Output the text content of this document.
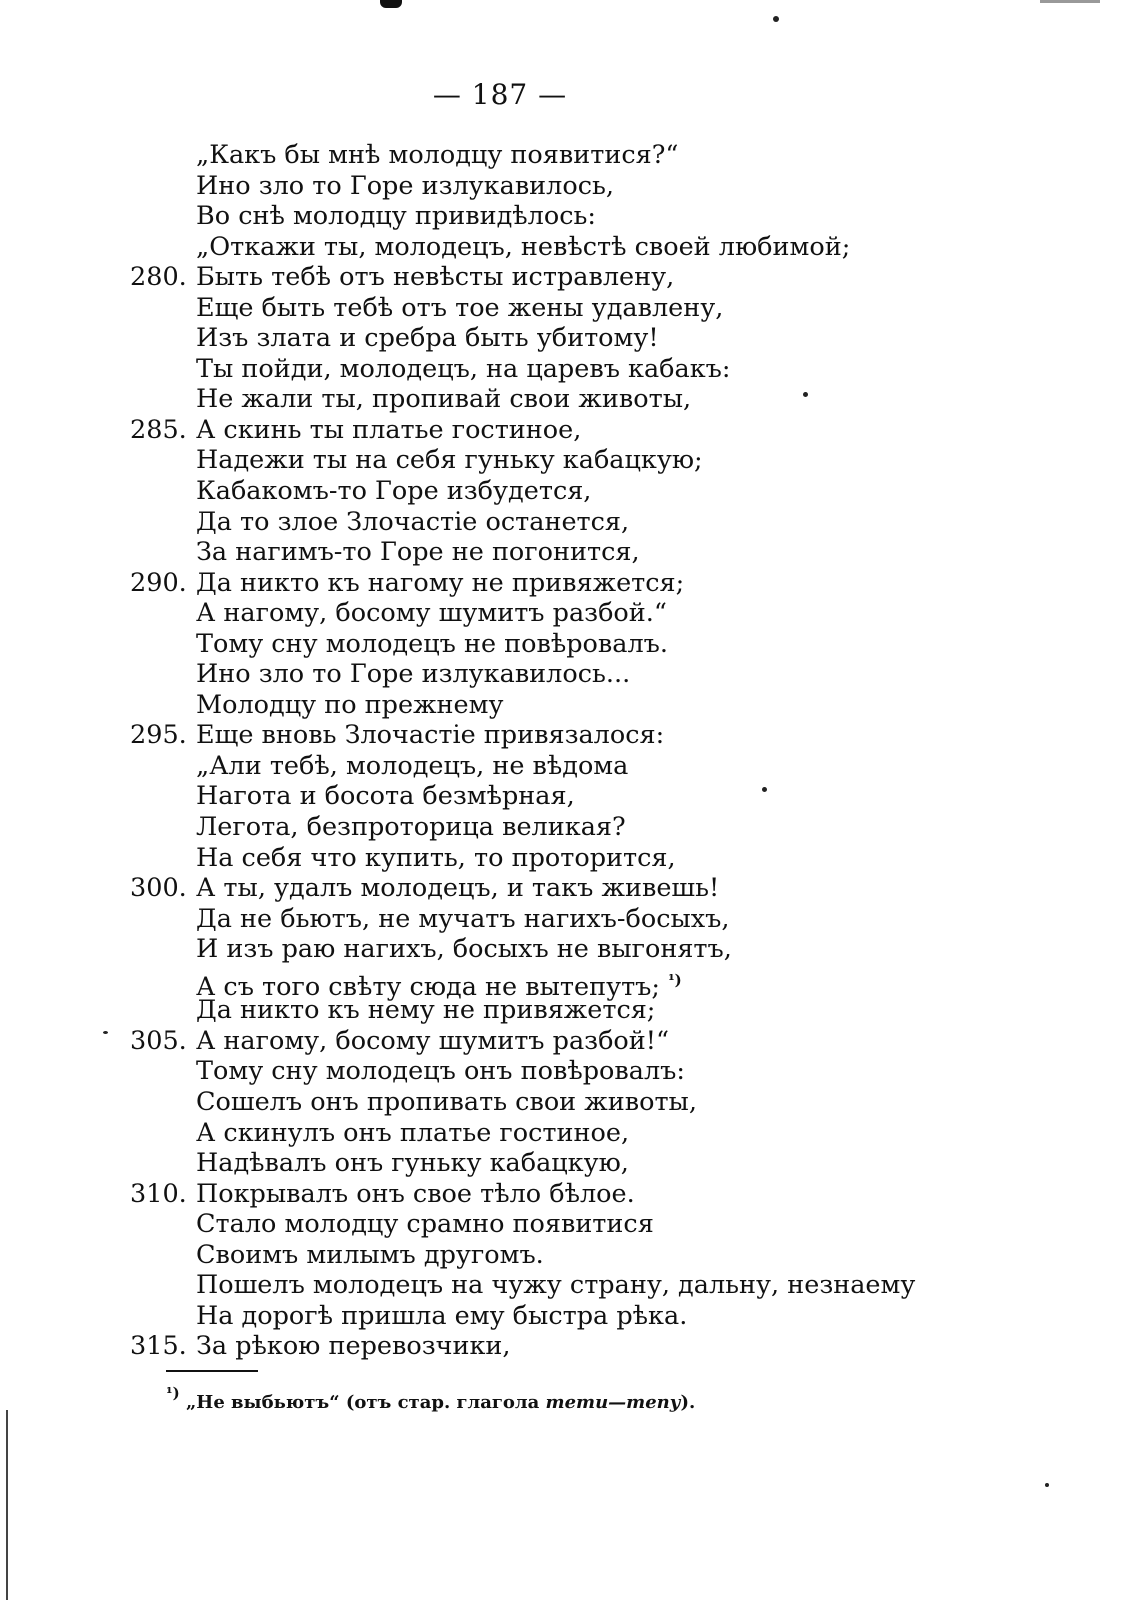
— 187 —
„Какъ бы мнѣ молодцу появитися?“
Ино зло то Горе излукавилось,
Во снѣ молодцу привидѣлось:
„Откажи ты, молодецъ, невѣстѣ своей любимой;
280. Быть тебѣ отъ невѣсты истравлену,
Еще быть тебѣ отъ тое жены удавлену,
Изъ злата и сребра быть убитому!
Ты пойди, молодецъ, на царевъ кабакъ:
Не жали ты, пропивай свои животы,
285. А скинь ты платье гостиное,
Надежи ты на себя гуньку кабацкую;
Кабакомъ-то Горе избудется,
Да то злое Злочастіе останется,
За нагимъ-то Горе не погонится,
290. Да никто къ нагому не привяжется;
А нагому, босому шумитъ разбой.“
Тому сну молодецъ не повѣровалъ.
Ино зло то Горе излукавилось...
Молодцу по прежнему
295. Еще вновь Злочастіе привязалося:
„Али тебѣ, молодецъ, не вѣдома
Нагота и босота безмѣрная,
Легота, безпроторица великая?
На себя что купить, то проторится,
300. А ты, удалъ молодецъ, и такъ живешь!
Да не бьютъ, не мучатъ нагихъ-босыхъ,
И изъ раю нагихъ, босыхъ не выгонятъ,
А съ того свѣту сюда не вытепутъ; $^{^1)}$
Да никто къ нему не привяжется;
305. А нагому, босому шумитъ разбой!“
Тому сну молодецъ онъ повѣровалъ:
Сошелъ онъ пропивать свои животы,
А скинулъ онъ платье гостиное,
Надѣвалъ онъ гуньку кабацкую,
310. Покрывалъ онъ свое тѣло бѣлое.
Стало молодцу срамно появитися
Своимъ милымъ другомъ.
Пошелъ молодецъ на чужу страну, дальну, незнаему
На дорогѣ пришла ему быстра рѣка.
315. За рѣкою перевозчики,
$^{^1)}$ „Не выбьютъ“ (отъ стар. глагола тети—тепу).
